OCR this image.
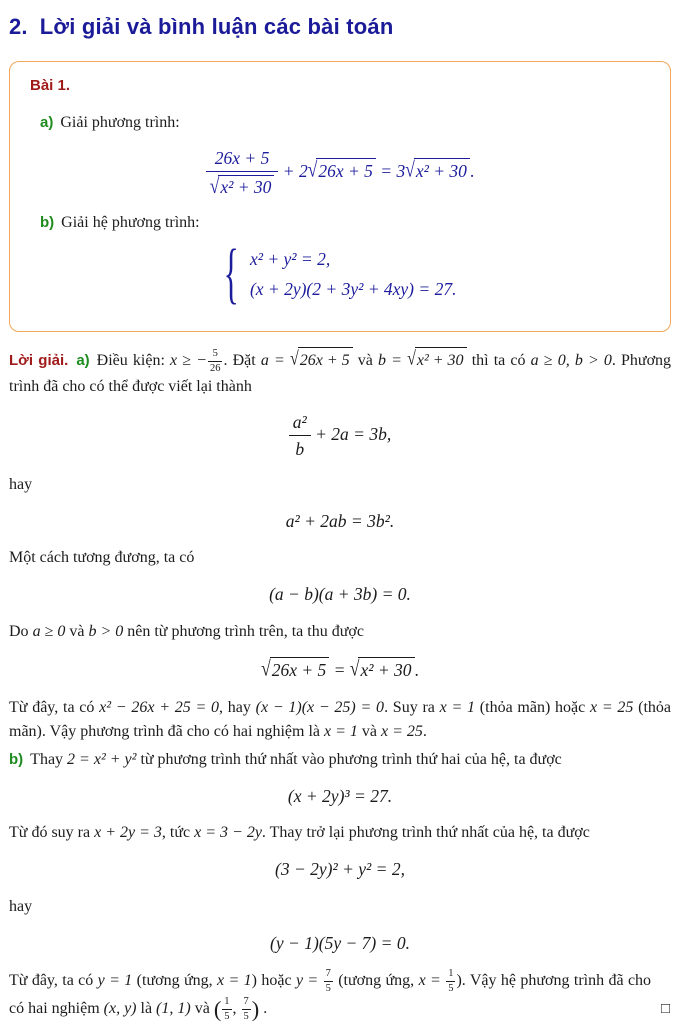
2. Lời giải và bình luận các bài toán
Bài 1.
a) Giải phương trình:
26x + 5
√ x² + 30 + 2 √ 26x + 5 = 3 √ x² + 30 .
b) Giải hệ phương trình:
{ x² + y² = 2,
(x + 2y)(2 + 3y² + 4xy) = 27.

Lời giải. a) Điều kiện: x ≥ − $\frac{5}{26}$ . Đặt a = √ 26x + 5 và b = √ x² + 30 thì ta có a ≥ 0, b > 0. Phương trình đã cho có thể được viết lại thành

$\frac{\text{a²}}{b} + 2a = 3b$,

hay

a² + 2ab = 3b².

Một cách tương đương, ta có

(a − b)(a + 3b) = 0.

Do a ≥ 0 và b > 0 nên từ phương trình trên, ta thu được

√ 26x + 5 = √ x² + 30 .

Từ đây, ta có x² − 26x + 25 = 0, hay (x − 1)(x − 25) = 0. Suy ra x = 1 (thỏa mãn) hoặc x = 25 (thỏa mãn). Vậy phương trình đã cho có hai nghiệm là x = 1 và x = 25.

b) Thay 2 = x² + y² từ phương trình thứ nhất vào phương trình thứ hai của hệ, ta được

(x + 2y)³ = 27.

Từ đó suy ra x + 2y = 3, tức x = 3 − 2y. Thay trở lại phương trình thứ nhất của hệ, ta được

(3 − 2y)² + y² = 2,

hay

(y − 1)(5y − 7) = 0.

Từ đây, ta có y = 1 (tương ứng, x = 1) hoặc $y = \frac{7}{5}$ (tương ứng, $x = \frac{1}{5}$ ). Vậy hệ phương trình đã cho có hai nghiệm (x, y) là (1, 1) và ( $\frac{1}{5}$ , $\frac{7}{5}$ ) .	□
